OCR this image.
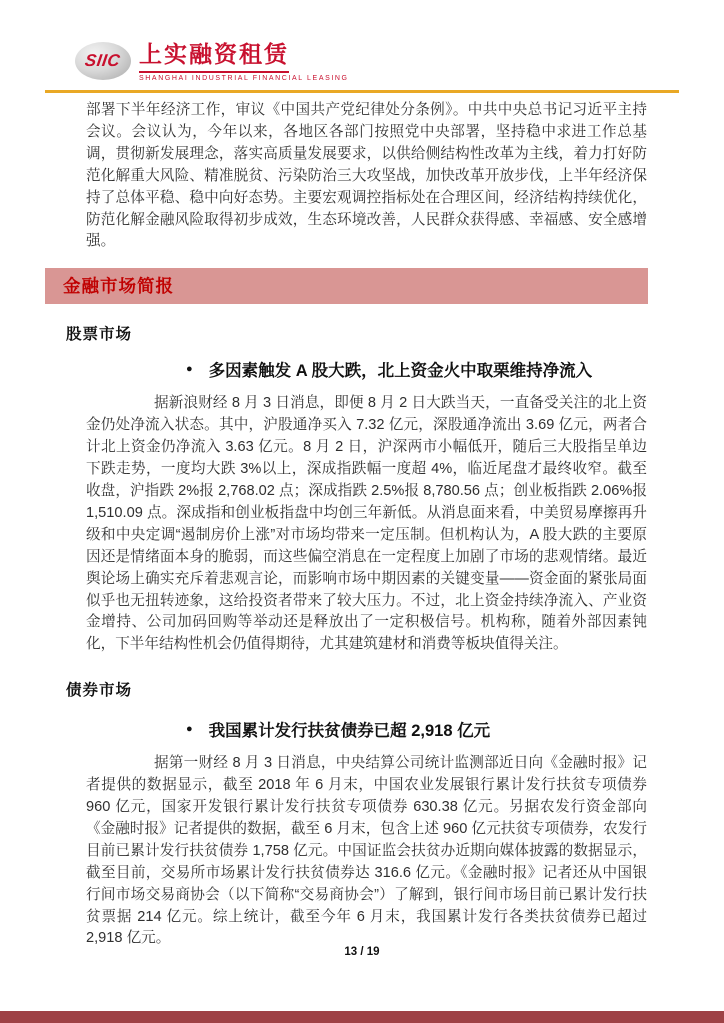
SIIC 上实融资租赁
SHANGHAI INDUSTRIAL FINANCIAL LEASING

部署下半年经济工作，审议《中国共产党纪律处分条例》。中共中央总书记习近平主持会议。会议认为，今年以来，各地区各部门按照党中央部署，坚持稳中求进工作总基调，贯彻新发展理念，落实高质量发展要求，以供给侧结构性改革为主线，着力打好防范化解重大风险、精准脱贫、污染防治三大攻坚战，加快改革开放步伐，上半年经济保持了总体平稳、稳中向好态势。主要宏观调控指标处在合理区间，经济结构持续优化，防范化解金融风险取得初步成效，生态环境改善，人民群众获得感、幸福感、安全感增强。

金融市场简报
股票市场
● 多因素触发 A 股大跌，北上资金火中取栗维持净流入

据新浪财经 8 月 3 日消息，即便 8 月 2 日大跌当天，一直备受关注的北上资金仍处净流入状态。其中，沪股通净买入 7.32 亿元，深股通净流出 3.69 亿元，两者合计北上资金仍净流入 3.63 亿元。8 月 2 日，沪深两市小幅低开，随后三大股指呈单边下跌走势，一度均大跌 3%以上，深成指跌幅一度超 4%，临近尾盘才最终收窄。截至收盘，沪指跌 2%报 2,768.02 点；深成指跌 2.5%报 8,780.56 点；创业板指跌 2.06%报 1,510.09 点。深成指和创业板指盘中均创三年新低。从消息面来看，中美贸易摩擦再升级和中央定调“遏制房价上涨”对市场均带来一定压制。但机构认为，A 股大跌的主要原因还是情绪面本身的脆弱，而这些偏空消息在一定程度上加剧了市场的悲观情绪。最近舆论场上确实充斥着悲观言论，而影响市场中期因素的关键变量——资金面的紧张局面似乎也无扭转迹象，这给投资者带来了较大压力。不过，北上资金持续净流入、产业资金增持、公司加码回购等举动还是释放出了一定积极信号。机构称，随着外部因素钝化，下半年结构性机会仍值得期待，尤其建筑建材和消费等板块值得关注。

债券市场
● 我国累计发行扶贫债券已超 2,918 亿元

据第一财经 8 月 3 日消息，中央结算公司统计监测部近日向《金融时报》记者提供的数据显示，截至 2018 年 6 月末，中国农业发展银行累计发行扶贫专项债券 960 亿元，国家开发银行累计发行扶贫专项债券 630.38 亿元。另据农发行资金部向《金融时报》记者提供的数据，截至 6 月末，包含上述 960 亿元扶贫专项债券，农发行目前已累计发行扶贫债券 1,758 亿元。中国证监会扶贫办近期向媒体披露的数据显示，截至目前，交易所市场累计发行扶贫债券达 316.6 亿元。《金融时报》记者还从中国银行间市场交易商协会（以下简称“交易商协会”）了解到，银行间市场目前已累计发行扶贫票据 214 亿元。综上统计，截至今年 6 月末，我国累计发行各类扶贫债券已超过 2,918 亿元。

13 / 19
